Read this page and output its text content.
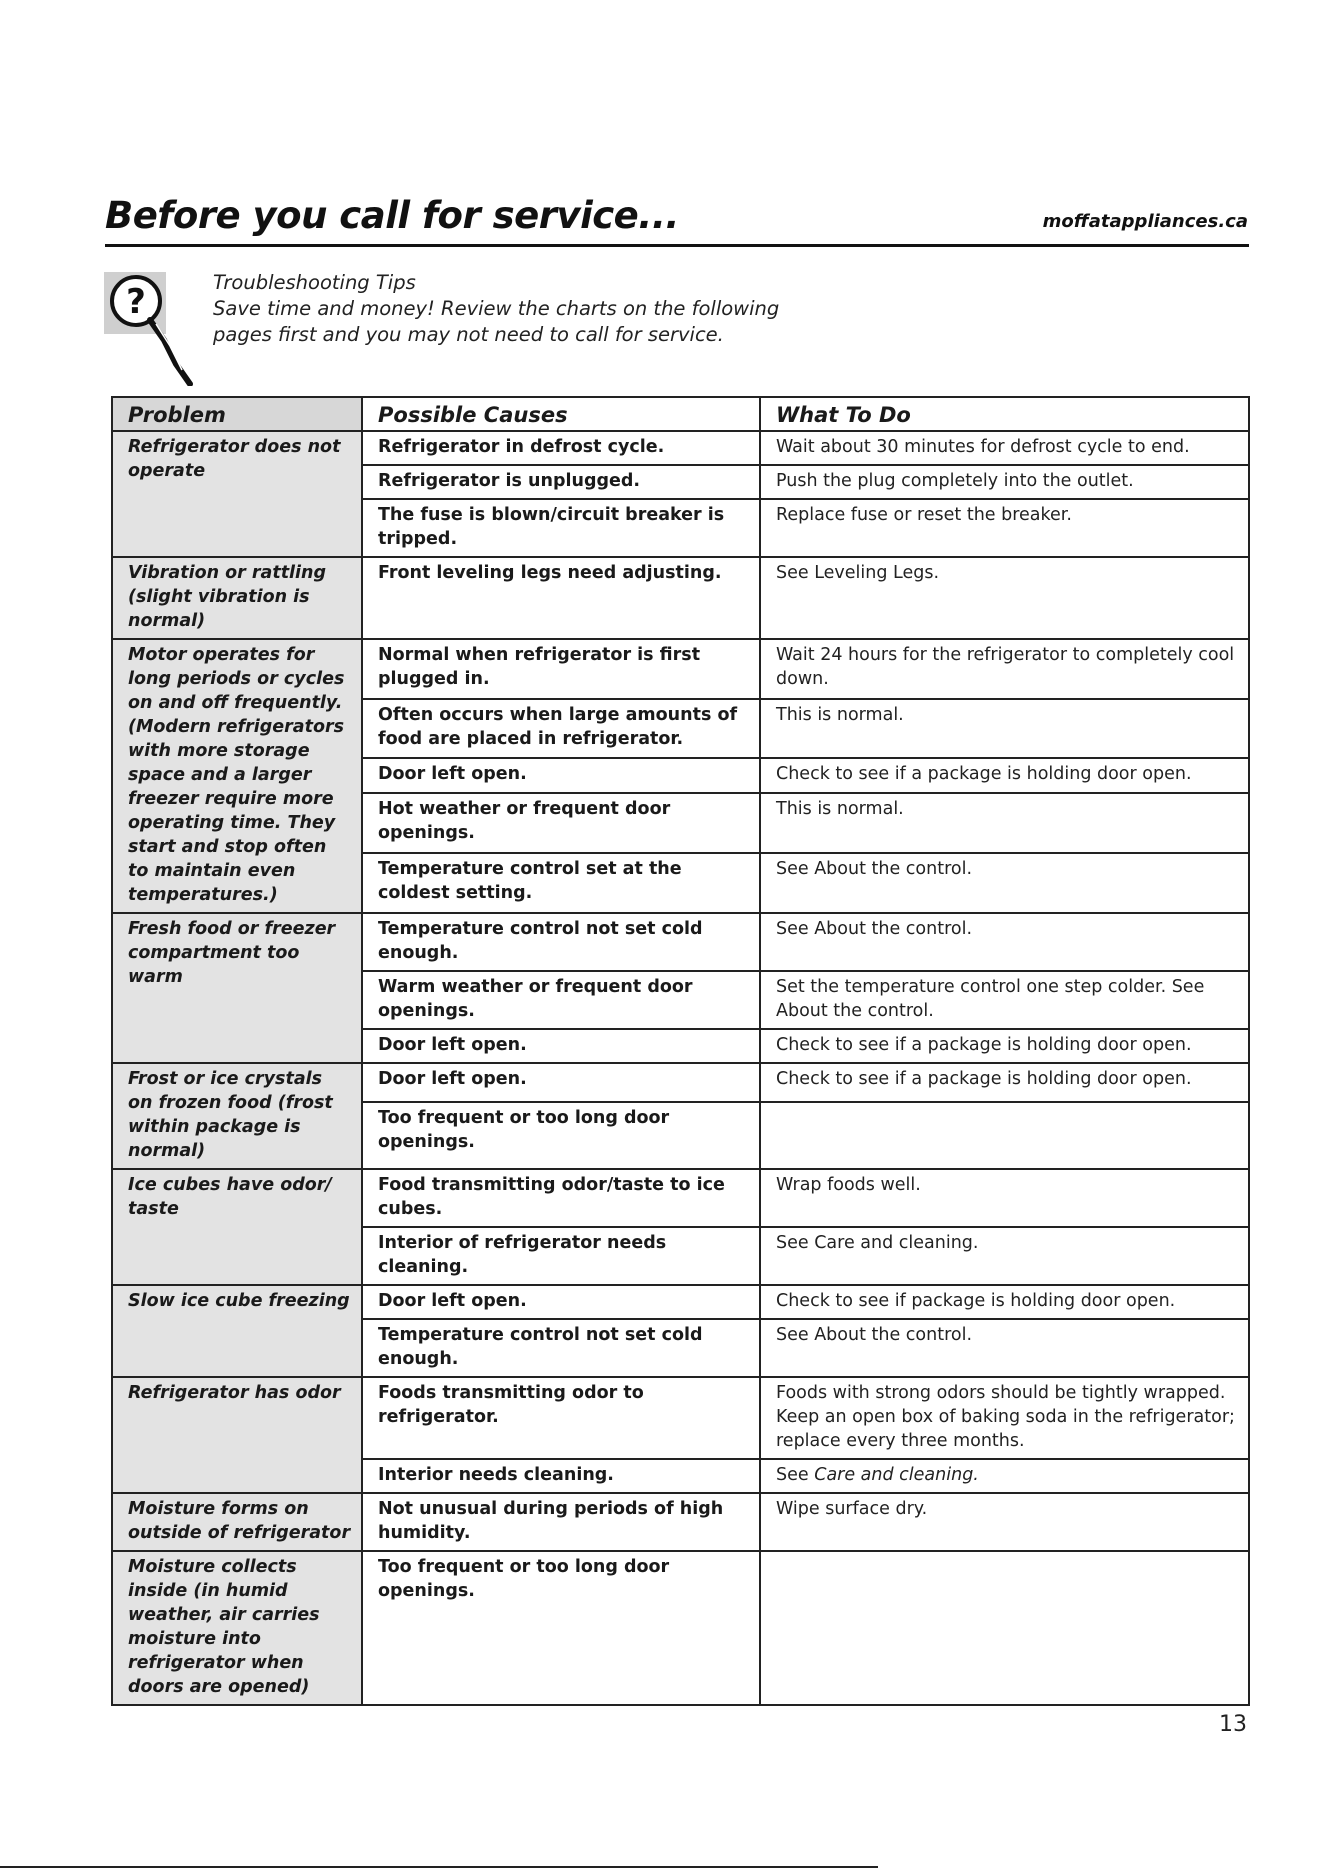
Before you call for service...	moffatappliances.ca
?	Troubleshooting Tips
Save time and money! Review the charts on the following
pages first and you may not need to call for service.
Problem	Possible Causes	What To Do
Refrigerator does not operate	Refrigerator in defrost cycle.	Wait about 30 minutes for defrost cycle to end.
	Refrigerator is unplugged.	Push the plug completely into the outlet.
	The fuse is blown/circuit breaker is tripped.	Replace fuse or reset the breaker.
Vibration or rattling (slight vibration is normal)	Front leveling legs need adjusting.	See Leveling Legs.
Motor operates for long periods or cycles on and off frequently. (Modern refrigerators with more storage space and a larger freezer require more operating time. They start and stop often to maintain even temperatures.)	Normal when refrigerator is first plugged in.	Wait 24 hours for the refrigerator to completely cool down.
	Often occurs when large amounts of food are placed in refrigerator.	This is normal.
	Door left open.	Check to see if a package is holding door open.
	Hot weather or frequent door openings.	This is normal.
	Temperature control set at the coldest setting.	See About the control.
Fresh food or freezer compartment too warm	Temperature control not set cold enough.	See About the control.
	Warm weather or frequent door openings.	Set the temperature control one step colder. See About the control.
	Door left open.	Check to see if a package is holding door open.
Frost or ice crystals on frozen food (frost within package is normal)	Door left open.	Check to see if a package is holding door open.
	Too frequent or too long door openings.	
Ice cubes have odor/ taste	Food transmitting odor/taste to ice cubes.	Wrap foods well.
	Interior of refrigerator needs cleaning.	See Care and cleaning.
Slow ice cube freezing	Door left open.	Check to see if package is holding door open.
	Temperature control not set cold enough.	See About the control.
Refrigerator has odor	Foods transmitting odor to refrigerator.	Foods with strong odors should be tightly wrapped. Keep an open box of baking soda in the refrigerator; replace every three months.
	Interior needs cleaning.	See Care and cleaning.
Moisture forms on outside of refrigerator	Not unusual during periods of high humidity.	Wipe surface dry.
Moisture collects inside (in humid weather, air carries moisture into refrigerator when doors are opened)	Too frequent or too long door openings.	
13
